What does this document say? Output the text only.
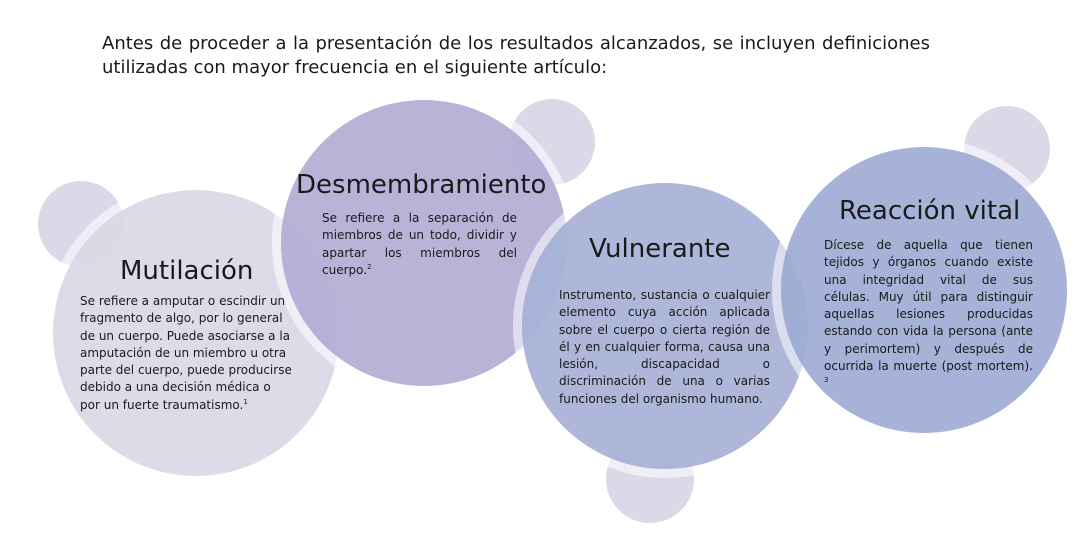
Antes de proceder a la presentación de los resultados alcanzados, se incluyen definiciones utilizadas con mayor frecuencia en el siguiente artículo:

Mutilación
Se refiere a amputar o escindir un fragmento de algo, por lo general de un cuerpo. Puede asociarse a la amputación de un miembro u otra parte del cuerpo, puede producirse debido a una decisión médica o por un fuerte traumatismo.$^1$
Desmembramiento
Se refiere a la separación de miembros de un todo, dividir y apartar los miembros del cuerpo.$^2$
Vulnerante
Instrumento, sustancia o cualquier elemento cuya acción aplicada sobre el cuerpo o cierta región de él y en cualquier forma, causa una lesión, discapacidad o discriminación de una o varias funciones del organismo humano.
Reacción vital
Dícese de aquella que tienen tejidos y órganos cuando existe una integridad vital de sus células. Muy útil para distinguir aquellas lesiones producidas estando con vida la persona (ante y perimortem) y después de ocurrida la muerte (post mortem). $^3$
